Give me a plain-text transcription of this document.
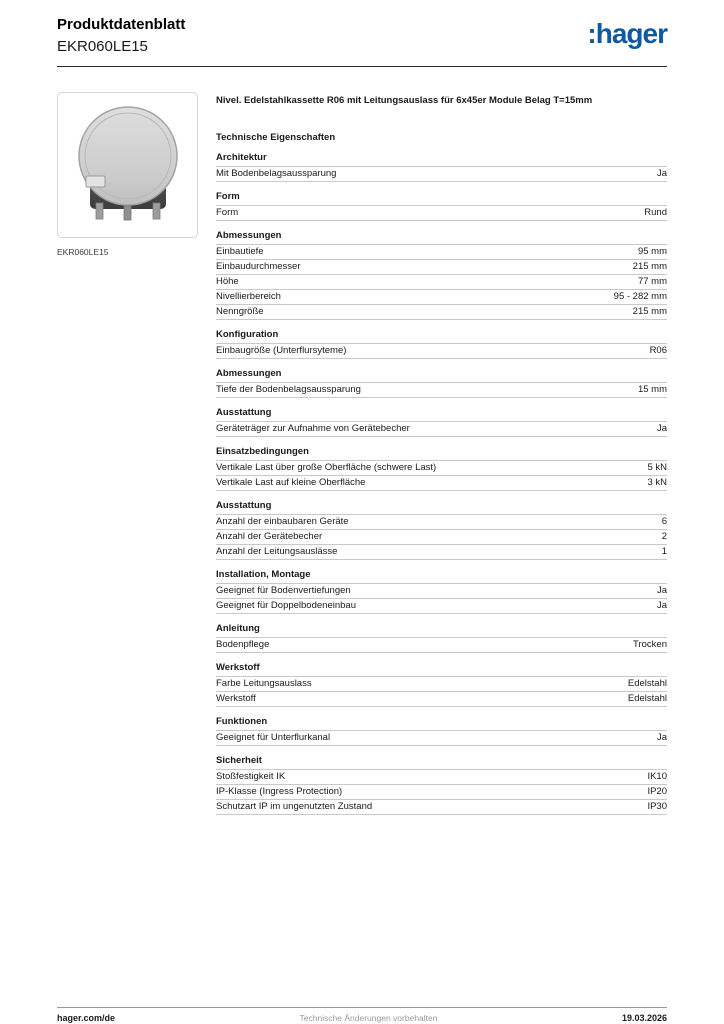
Produktdatenblatt
EKR060LE15	:hager
EKR060LE15
Nivel. Edelstahlkassette R06 mit Leitungsauslass für 6x45er Module Belag T=15mm
Technische Eigenschaften
Architektur
Mit Bodenbelagsaussparung	Ja
Form
Form	Rund
Abmessungen
Einbautiefe	95 mm
Einbaudurchmesser	215 mm
Höhe	77 mm
Nivellierbereich	95 - 282 mm
Nenngröße	215 mm
Konfiguration
Einbaugröße (Unterflursyteme)	R06
Abmessungen
Tiefe der Bodenbelagsaussparung	15 mm
Ausstattung
Geräteträger zur Aufnahme von Gerätebecher	Ja
Einsatzbedingungen
Vertikale Last über große Oberfläche (schwere Last)	5 kN
Vertikale Last auf kleine Oberfläche	3 kN
Ausstattung
Anzahl der einbaubaren Geräte	6
Anzahl der Gerätebecher	2
Anzahl der Leitungsauslässe	1
Installation, Montage
Geeignet für Bodenvertiefungen	Ja
Geeignet für Doppelbodeneinbau	Ja
Anleitung
Bodenpflege	Trocken
Werkstoff
Farbe Leitungsauslass	Edelstahl
Werkstoff	Edelstahl
Funktionen
Geeignet für Unterflurkanal	Ja
Sicherheit
Stoßfestigkeit IK	IK10
IP-Klasse (Ingress Protection)	IP20
Schutzart IP im ungenutzten Zustand	IP30
hager.com/de	Technische Änderungen vorbehalten	19.03.2026
